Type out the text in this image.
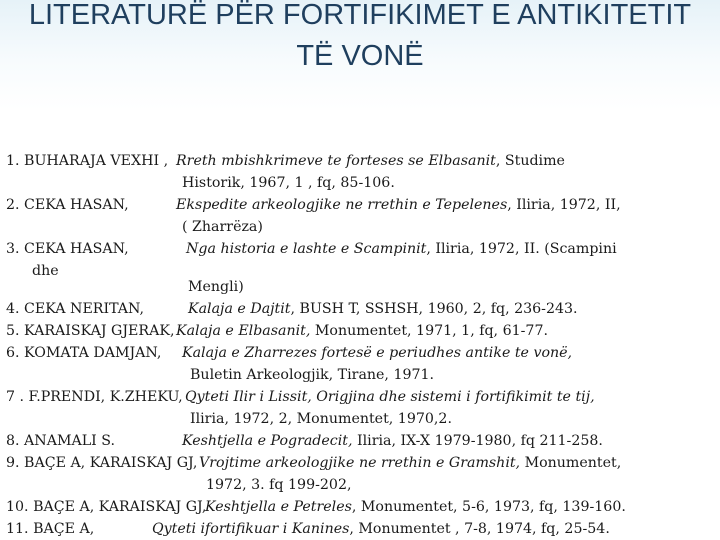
LITERATURË PËR FORTIFIKIMET E ANTIKITETIT
TË VONË
1. BUHARAJA VEXHI , Rreth mbishkrimeve te forteses se Elbasanit, Studime
Historik, 1967, 1 , fq, 85-106.
2. CEKA HASAN,	Ekspedite arkeologjike ne rrethin e Tepelenes, Iliria, 1972, II,
( Zharrëza)
3. CEKA HASAN,	Nga historia e lashte e Scampinit, Iliria, 1972, II. (Scampini
dhe
Mengli)
4. CEKA NERITAN,	Kalaja e Dajtit, BUSH T, SSHSH, 1960, 2, fq, 236-243.
5. KARAISKAJ GJERAK, Kalaja e Elbasanit, Monumentet, 1971, 1, fq, 61-77.
6. KOMATA DAMJAN,	Kalaja e Zharrezes fortesë e periudhes antike te vonë,
Buletin Arkeologjik, Tirane, 1971.
7 . F.PRENDI, K.ZHEKU, Qyteti Ilir i Lissit, Origjina dhe sistemi i fortifikimit te tij,
Iliria, 1972, 2, Monumentet, 1970,2.
8. ANAMALI S.	Keshtjella e Pogradecit, Iliria, IX-X 1979-1980, fq 211-258.
9. BAÇE A, KARAISKAJ GJ, Vrojtime arkeologjike ne rrethin e Gramshit, Monumentet,
1972, 3. fq 199-202,
10. BAÇE A, KARAISKAJ GJ,
Keshtjella e Petreles, Monumentet, 5-6, 1973, fq, 139-160.
11. BAÇE A,	Qyteti ifortifikuar i Kanines, Monumentet , 7-8, 1974, fq, 25-54.
